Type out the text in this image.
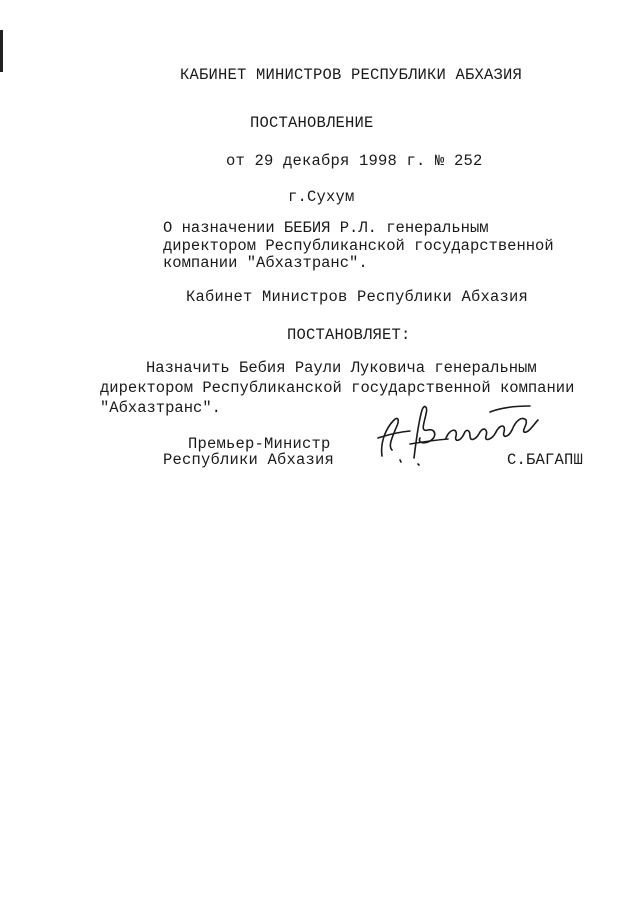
КАБИНЕТ МИНИСТРОВ РЕСПУБЛИКИ АБХАЗИЯ
ПОСТАНОВЛЕНИЕ
от 29 декабря 1998 г. № 252
г.Сухум
О назначении БЕБИЯ Р.Л. генеральным директором Республиканской государственной компании "Абхазтранс".
Кабинет Министров Республики Абхазия
ПОСТАНОВЛЯЕТ:
Назначить Бебия Раули Луковича генеральным директором Республиканской государственной компании "Абхазтранс".
Премьер-Министр
Республики Абхазия	С.БАГАПШ
